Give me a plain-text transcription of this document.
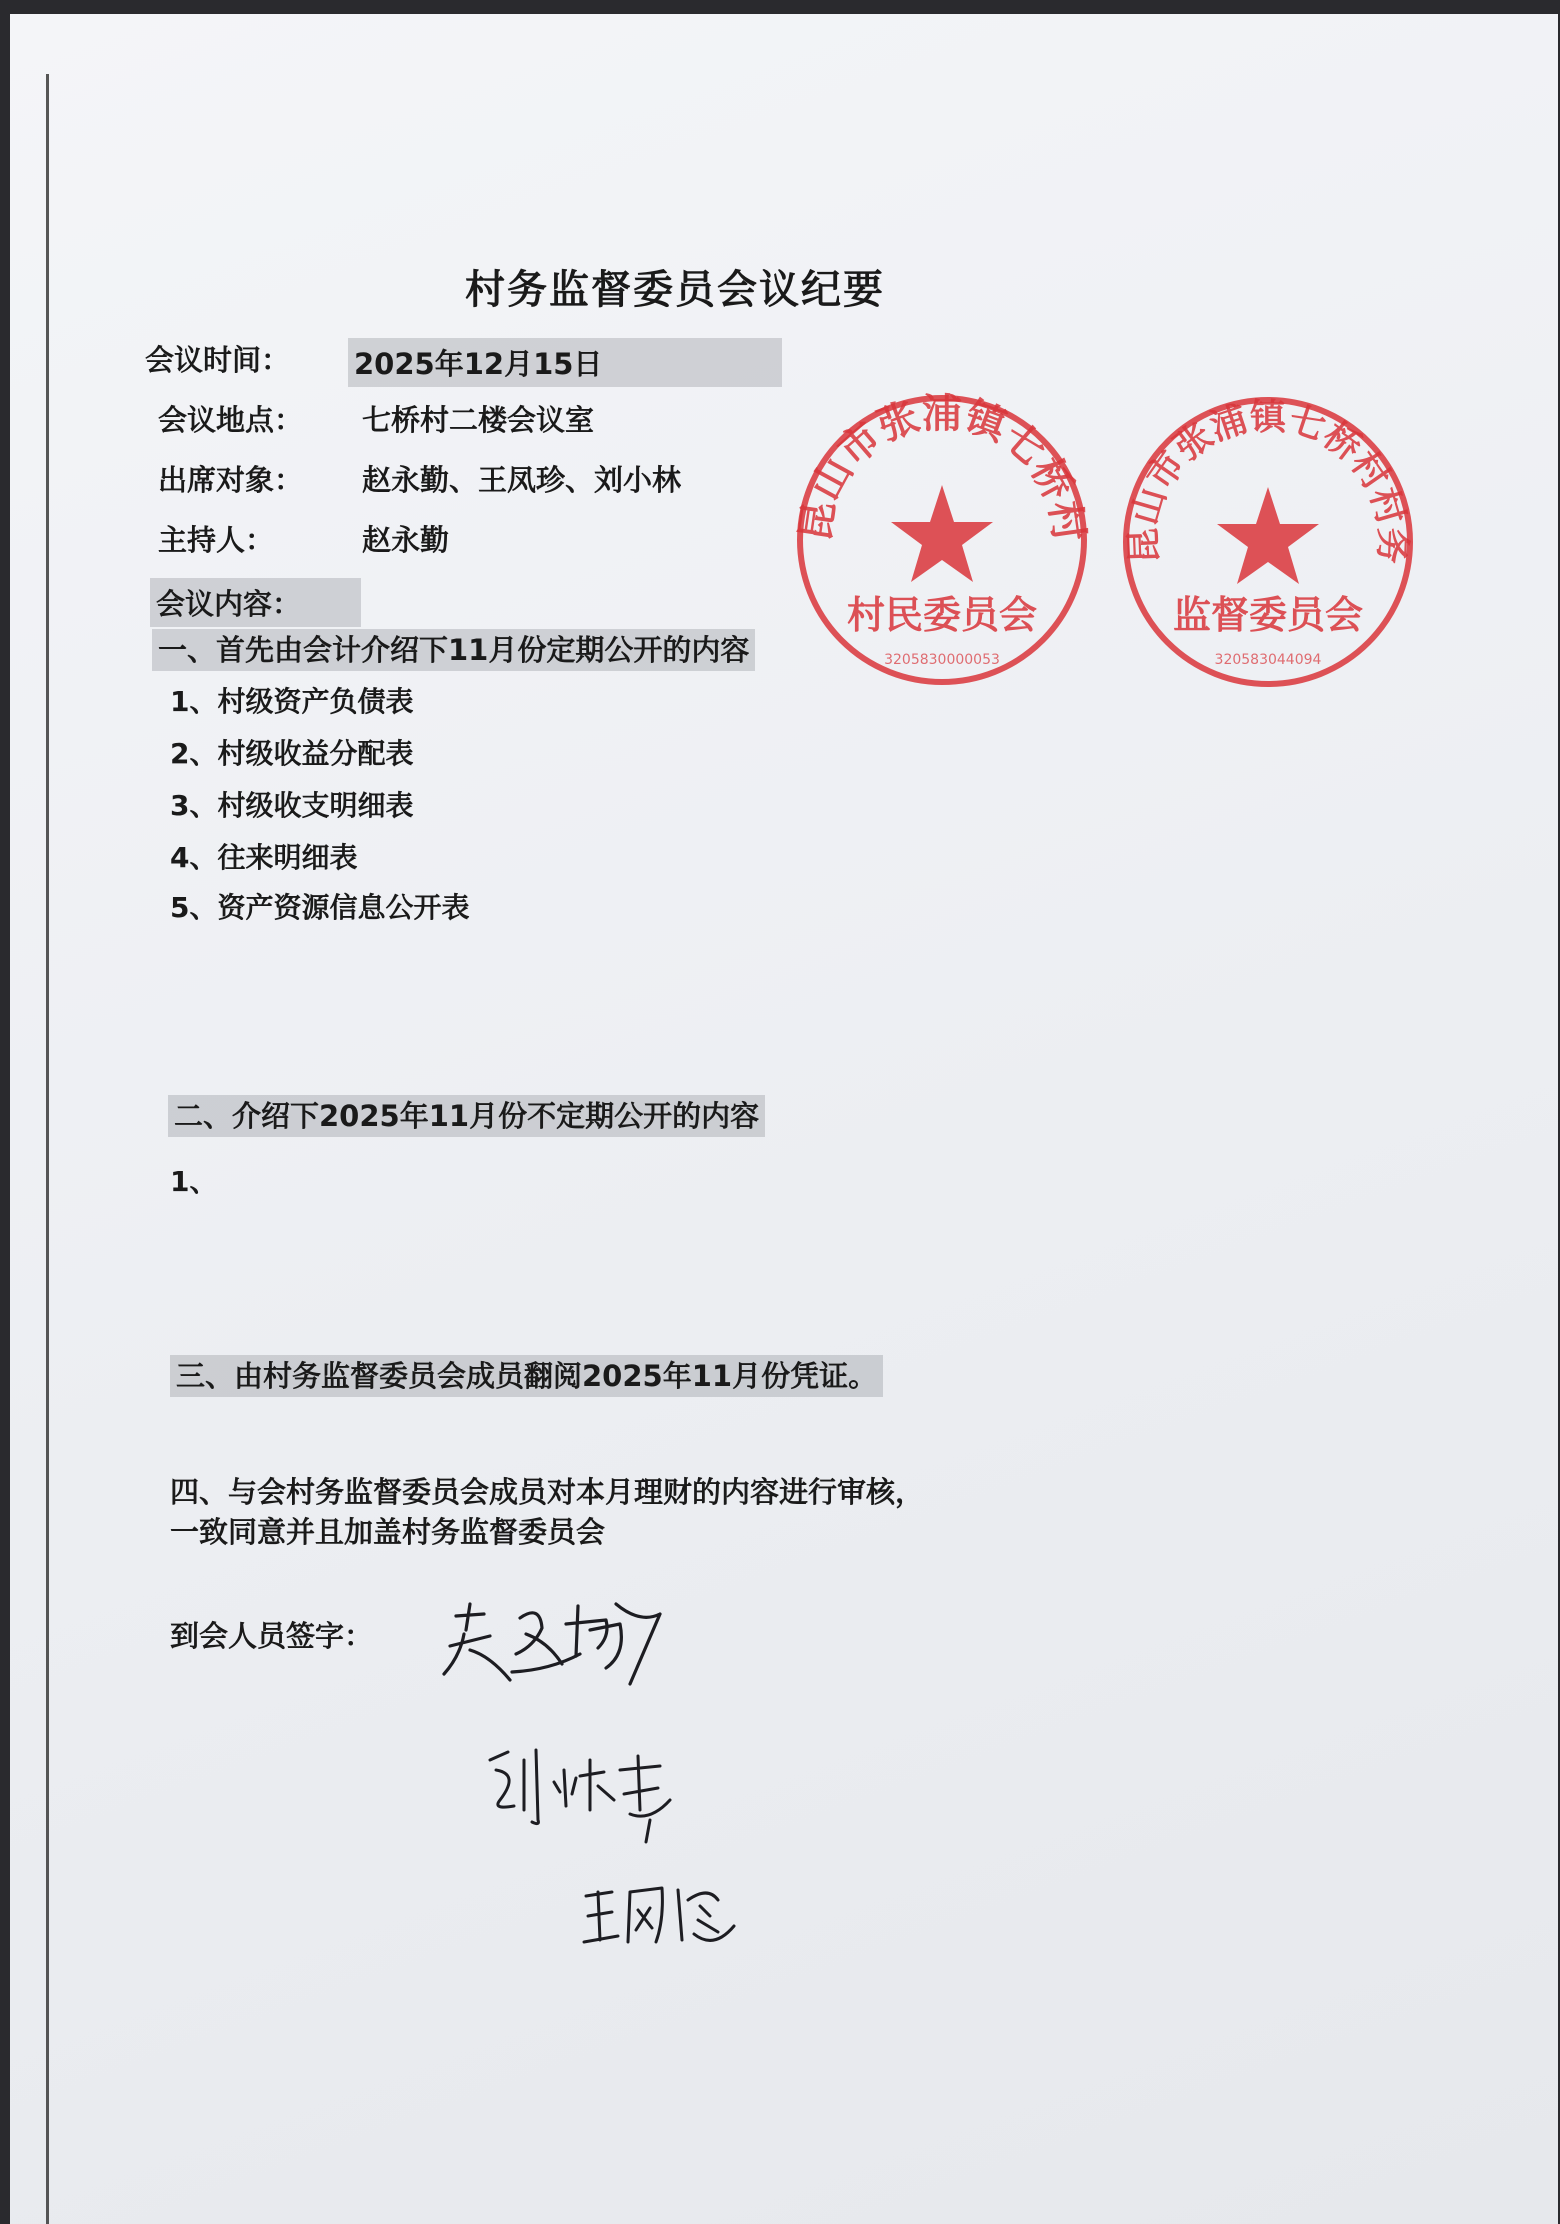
村务监督委员会议纪要
会议时间： 2025年12月15日
会议地点： 七桥村二楼会议室
出席对象： 赵永勤、王凤珍、刘小林
主持人：	赵永勤
会议内容：
一、首先由会计介绍下11月份定期公开的内容
1、村级资产负债表
2、村级收益分配表
3、村级收支明细表
4、往来明细表
5、资产资源信息公开表
二、介绍下2025年11月份不定期公开的内容
1、
三、由村务监督委员会成员翻阅2025年11月份凭证。
四、与会村务监督委员会成员对本月理财的内容进行审核，
一致同意并且加盖村务监督委员会
到会人员签字：
昆山市张浦镇七桥村
村民委员会
3205830000053
昆山市张浦镇七桥村村务
监督委员会
320583044094
